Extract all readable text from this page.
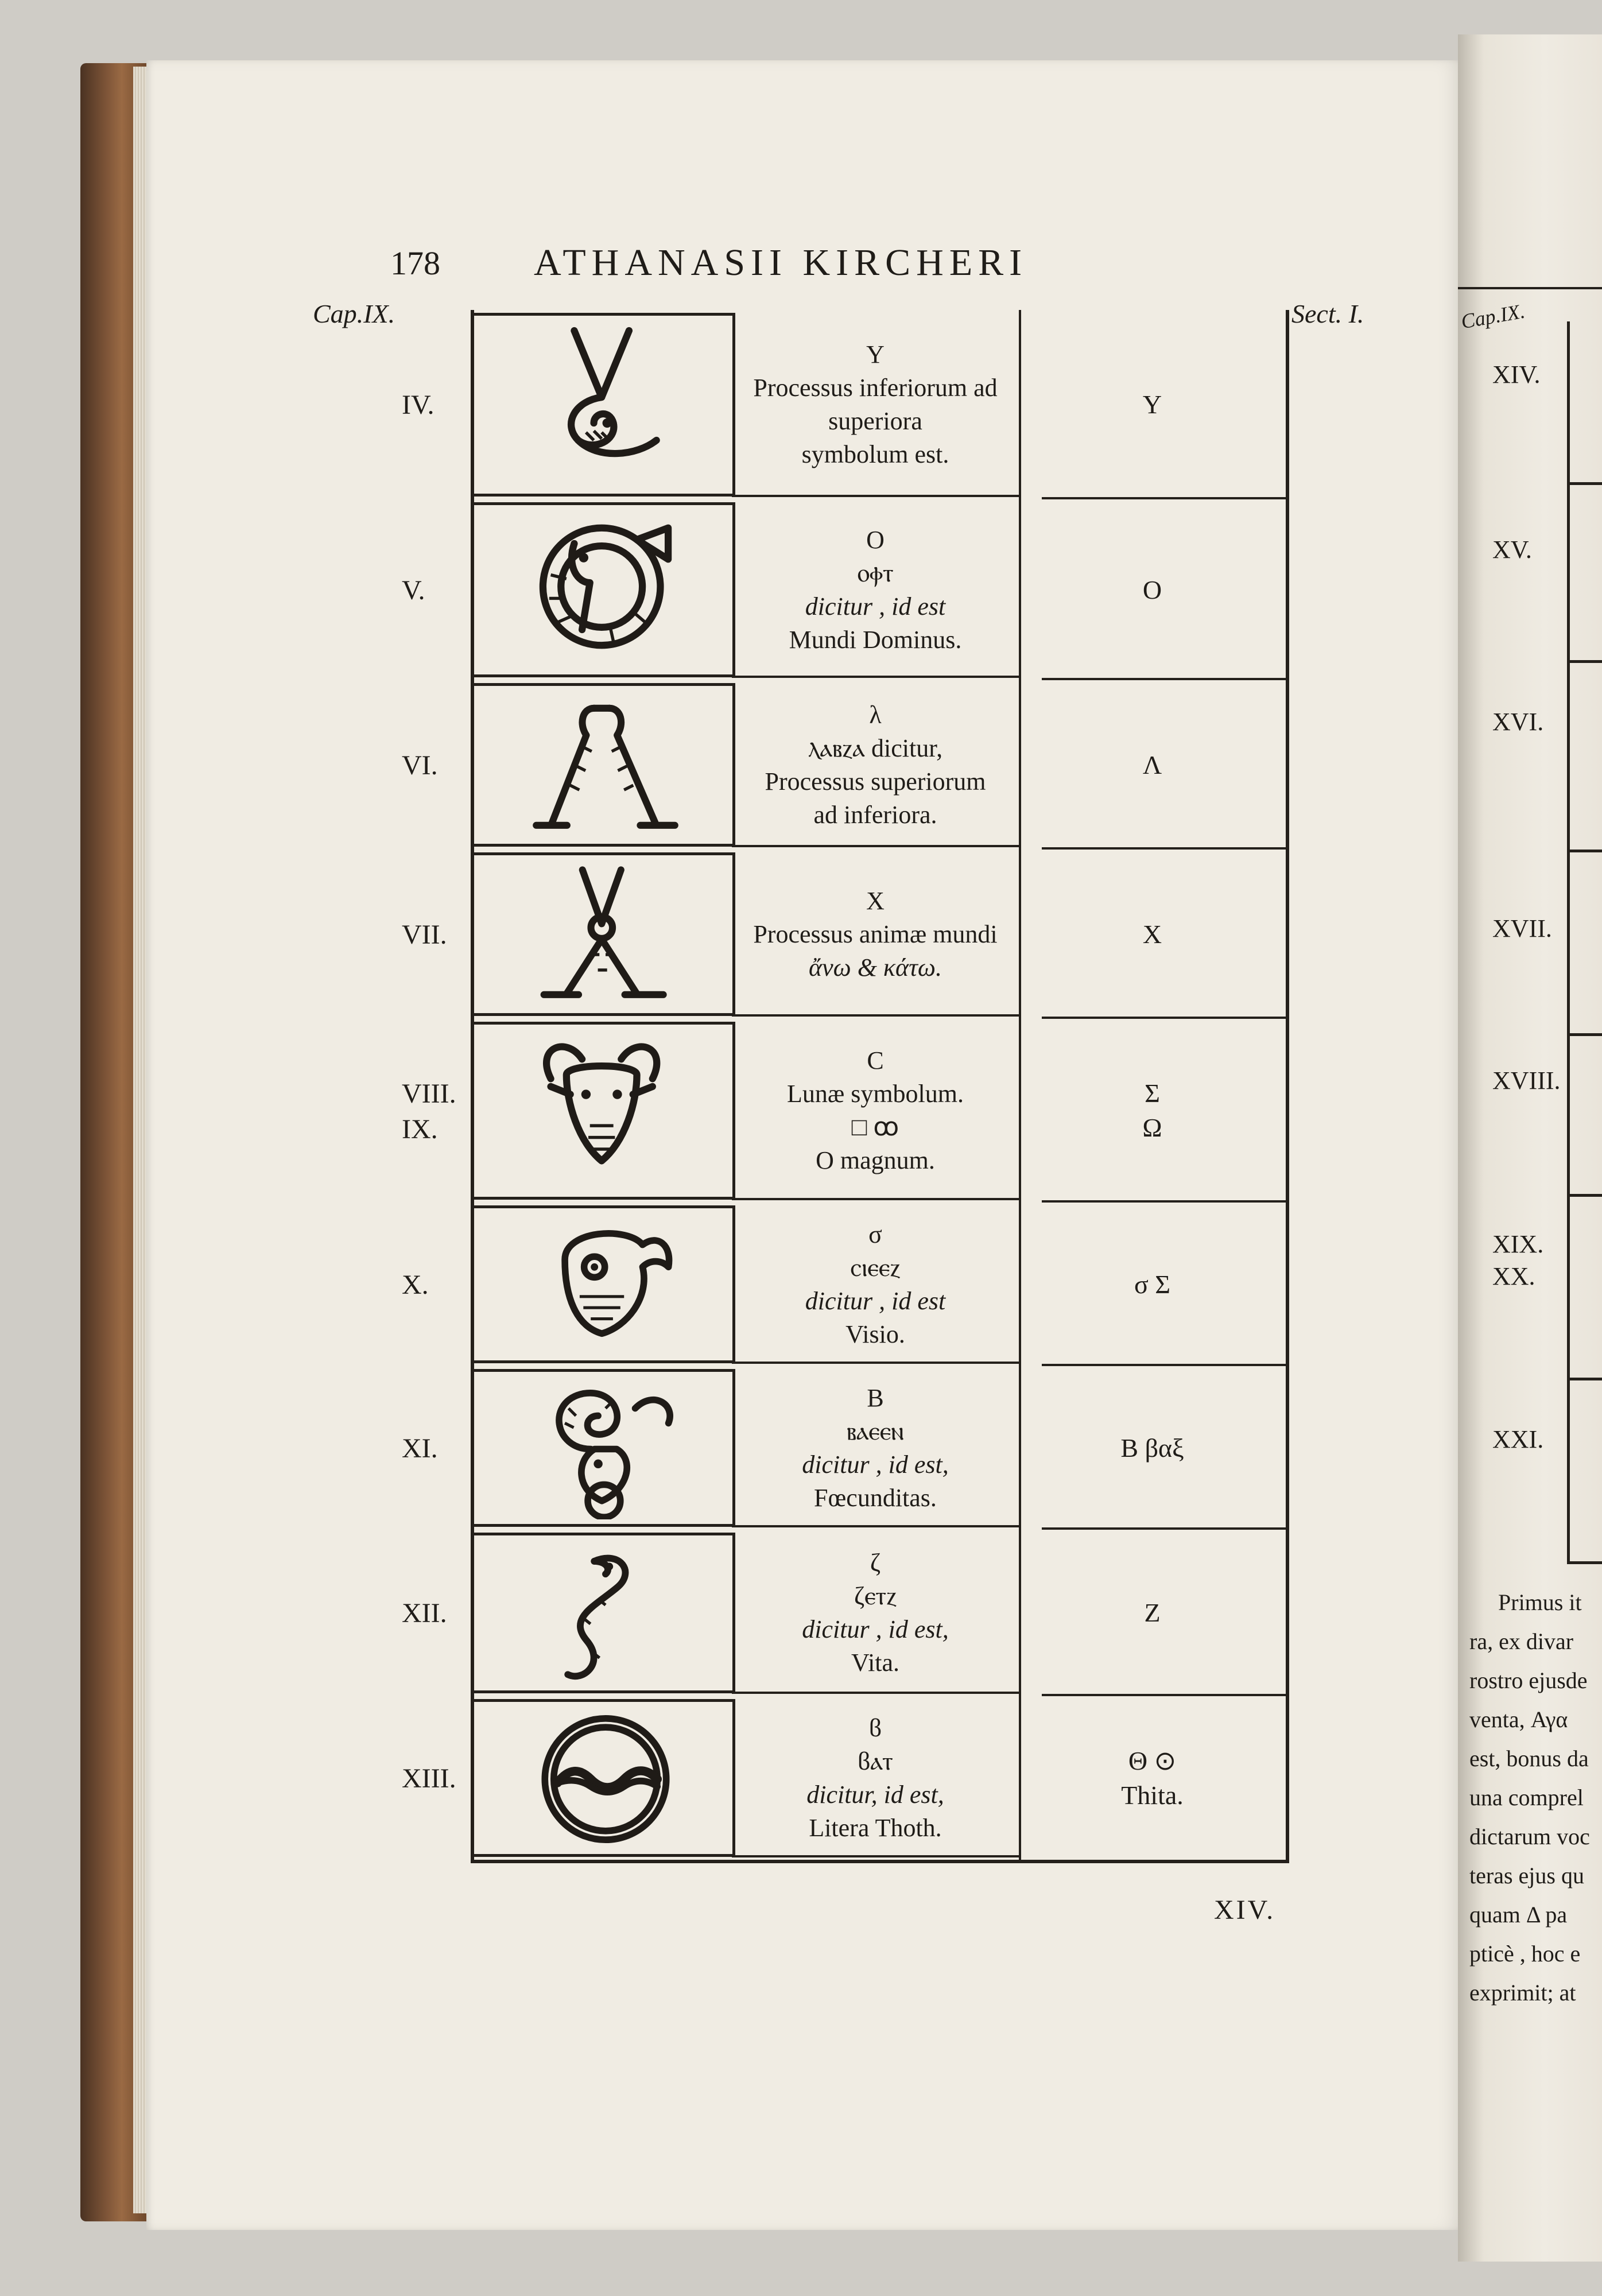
178 ATHANASII KIRCHERI
Cap.IX.	Sect. I.
IV.
Υ
Processus inferiorum ad
superiora
symbolum est.
Υ
V.
O
ⲟⲫⲧ
dicitur , id est
Mundi Dominus.
O
VI.
λ
ⲗⲁⲃⲍⲁ dicitur,
Processus superiorum
ad inferiora.
Λ
VII.
X
Processus animæ mundi
ἄνω & κάτω.
X
VIII.
IX.
C
Lunæ symbolum.
□ ꝏ
O magnum.
Σ
Ω
X.
σ
ⲥⲓⲉⲉⲍ
dicitur , id est
Visio.
σ Σ
XI.
B
ⲃⲁⲉⲉⲛ
dicitur , id est,
Fœcunditas.
B βαξ
XII.
ζ
ζⲉⲧⲍ
dicitur , id est,
Vita.
Z
XIII.
ϐ
ϐⲁⲧ
dicitur, id est,
Litera Thoth.
Θ ⊙
Thita.
XIV.
Cap.IX.
XIV.
XV.
XVI.
XVII.
XVIII.
XIX.
XX.
XXI.
Primus it
ra, ex divar
rostro ejusde
venta, Αγα
est, bonus da
una comprel
dictarum voc
teras ejus qu
quam Δ pa
pticè , hoc e
exprimit; at
